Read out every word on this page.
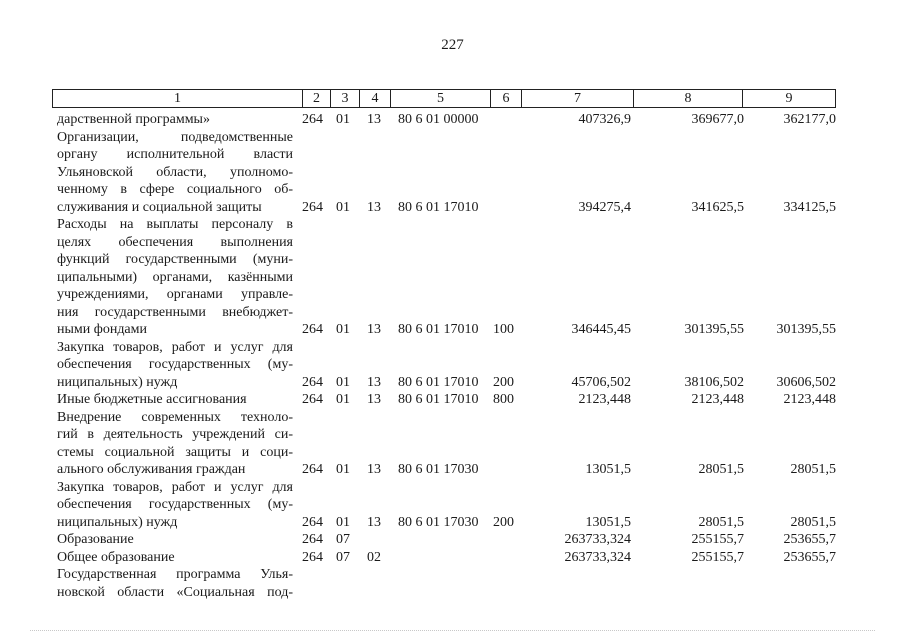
227
1	2	3	4	5	6	7	8	9
дарственной программы»	264 01 13 80 6 01 00000	407326,9	369677,0	362177,0
Организации, подведомственные
органу исполнительной власти
Ульяновской области, уполномо-
ченному в сфере социального об-
служивания и социальной защиты	264 01 13 80 6 01 17010	394275,4	341625,5	334125,5
Расходы на выплаты персоналу в
целях обеспечения выполнения
функций государственными (муни-
ципальными) органами, казёнными
учреждениями, органами управле-
ния государственными внебюджет-
ными фондами	264 01 13 80 6 01 17010 100	346445,45	301395,55 301395,55
Закупка товаров, работ и услуг для
обеспечения государственных (му-
ниципальных) нужд	264 01 13 80 6 01 17010 200	45706,502	38106,502 30606,502
Иные бюджетные ассигнования	264 01 13 80 6 01 17010 800	2123,448	2123,448	2123,448
Внедрение современных техноло-
гий в деятельность учреждений си-
стемы социальной защиты и соци-
ального обслуживания граждан	264 01 13 80 6 01 17030	13051,5	28051,5	28051,5
Закупка товаров, работ и услуг для
обеспечения государственных (му-
ниципальных) нужд	264 01 13 80 6 01 17030 200	13051,5	28051,5	28051,5
Образование	264 07	263733,324	255155,7	253655,7
Общее образование	264 07 02	263733,324	255155,7	253655,7
Государственная программа Улья-
новской области «Социальная под-
